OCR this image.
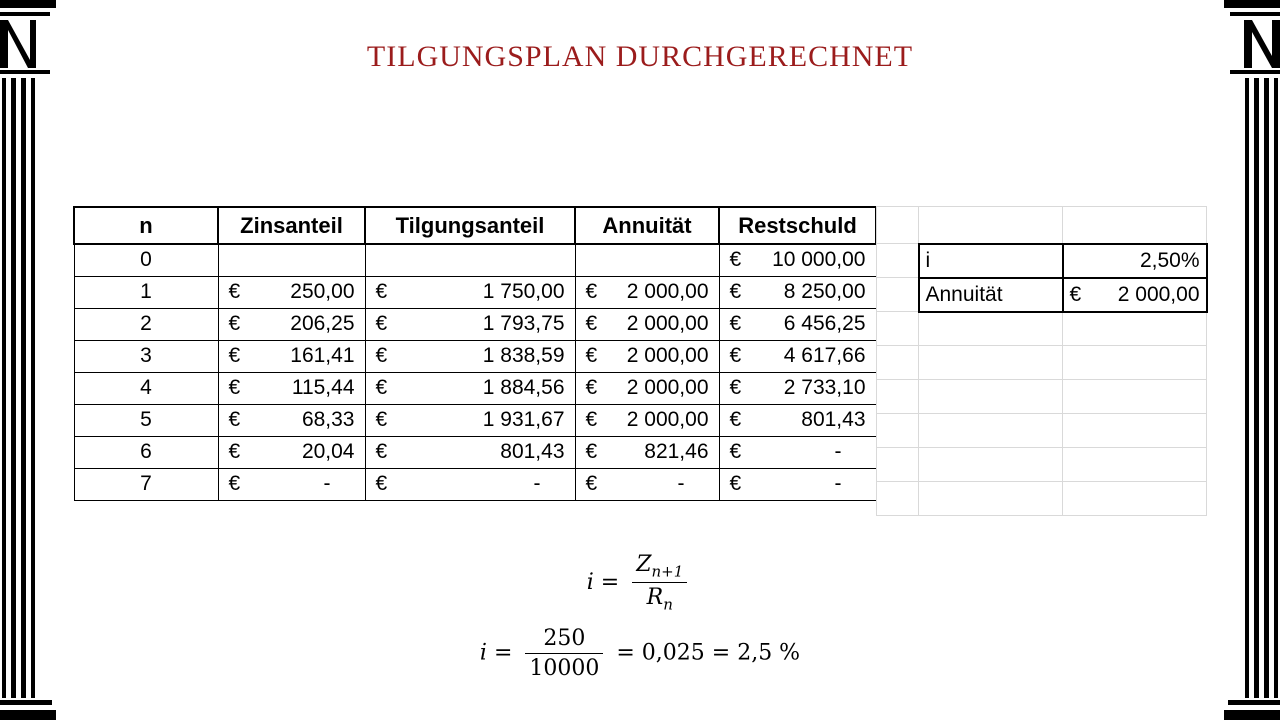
TILGUNGSPLAN DURCHGERECHNET
n	Zinsanteil	Tilgungsanteil	Annuität	Restschuld
0				€ 10 000,00

1	€ 250,00	€ 1 750,00	€ 2 000,00	€ 8 250,00

2	€ 206,25	€ 1 793,75	€ 2 000,00	€ 6 456,25

3	€ 161,41	€ 1 838,59	€ 2 000,00	€ 4 617,66

4	€ 115,44	€ 1 884,56	€ 2 000,00	€ 2 733,10

5	€ 68,33	€ 1 931,67	€ 2 000,00	€ 801,43

6	€ 20,04	€ 801,43	€ 821,46	€ -

7	€ -	€ -	€ -	€ -

	i	2,50%
	Annuität	€ 2 000,00

$i = \frac{Z_{n+1}}{R_n}$
$i = \frac{250}{10000} = 0,025 = 2,5$ %
